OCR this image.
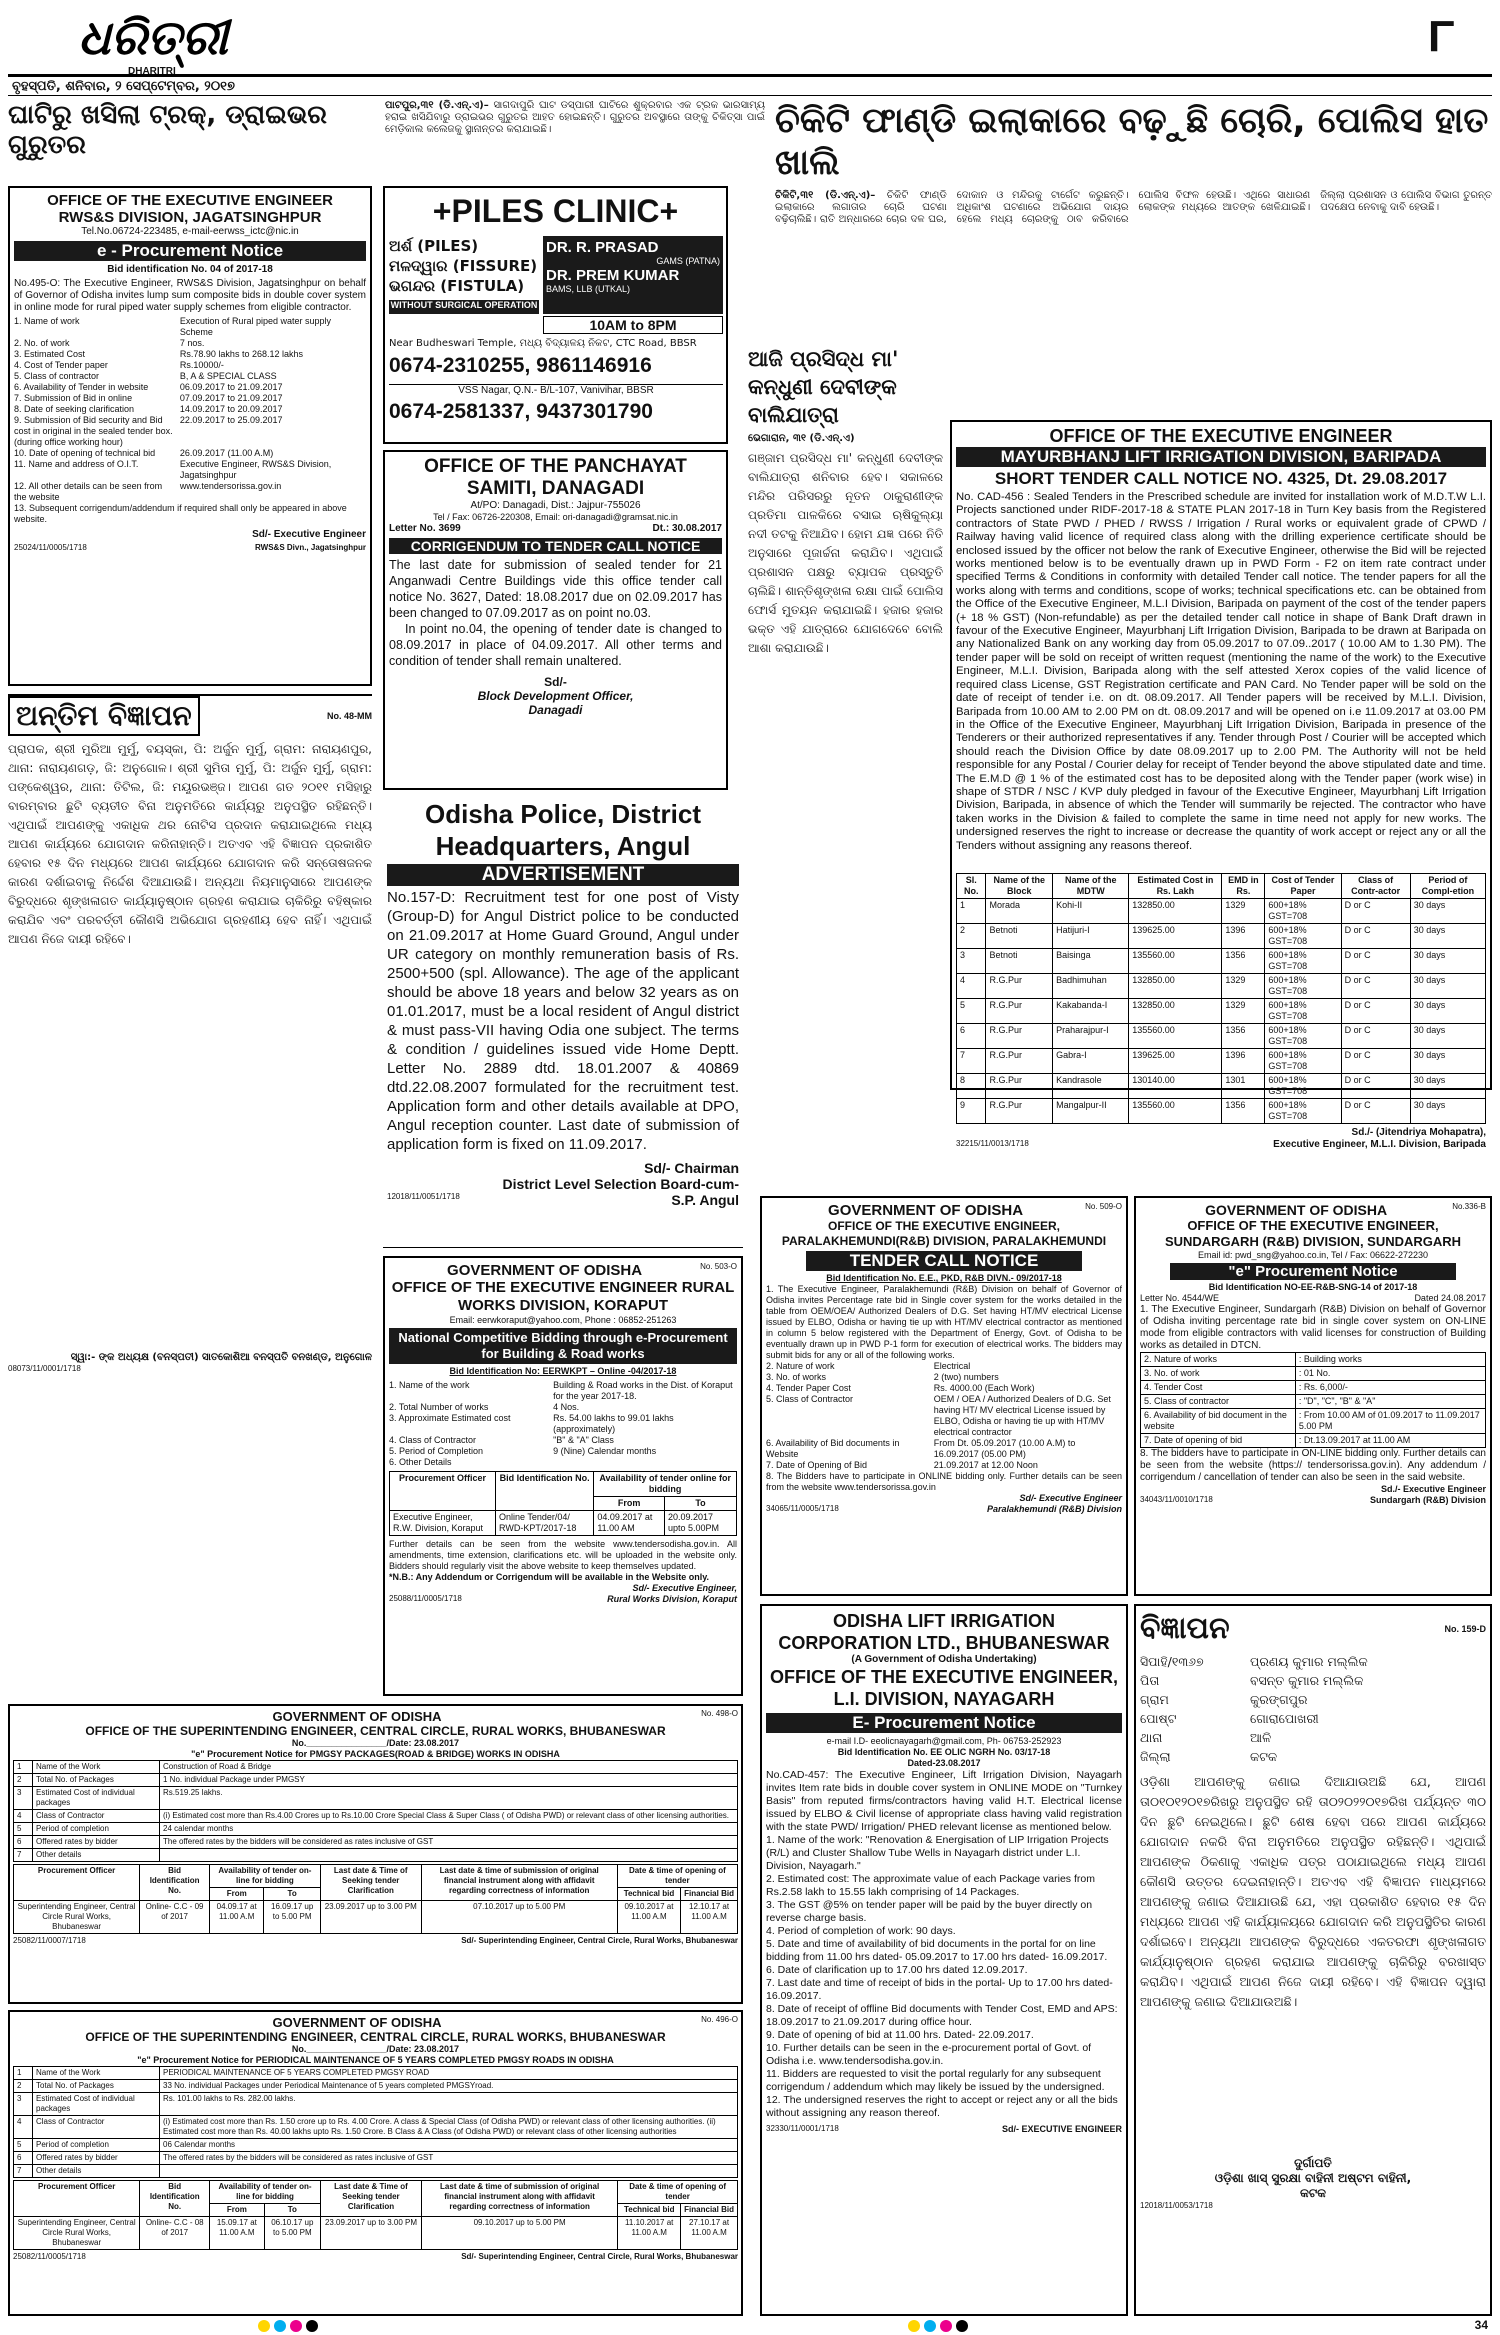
ଧରିତ୍ରୀ
DHARITRI
Γ
ବୃହସ୍ପତି, ଶନିବାର, ୨ ସେପ୍ଟେମ୍ବର, ୨୦୧୭
ଘାଟିରୁ ଖସିଲା ଟ୍ରକ୍, ଡ୍ରାଇଭର ଗୁରୁତର
ପାଟପୁର,୩୧ (ଡି.ଏନ୍.ଏ)– ସାଗଦାପୁରି ଘାଟ ଡସ୍ପାରୀ ଘାଟିରେ ଶୁକ୍ରବାର ଏକ ଟ୍ରକ ଭାରସାମ୍ୟ ହରାଇ ଖସିଯିବାରୁ ଡ୍ରାଇଭର ଗୁରୁତର ଆହତ ହୋଇଛନ୍ତି। ଗୁରୁତର ଅବସ୍ଥାରେ ତାଙ୍କୁ ଚିକିତ୍ସା ପାଇଁ ମେଡ଼ିକାଲ କଲେଜକୁ ସ୍ଥାନାନ୍ତର କରାଯାଇଛି।	ଚିକିଟି ଫାଣ୍ଡି ଇଲାକାରେ ବଢ଼ୁଛି ଚୋରି, ପୋଲିସ ହାତ ଖାଲି
ଚିକିଟି,୩୧ (ଡି.ଏନ୍.ଏ)– ଚିକିଟି ଫାଣ୍ଡି ଇଲାକାରେ ଲଗାତାର ଚୋରି ଘଟଣା ବଢ଼ିଚାଲିଛି। ରାତି ଅନ୍ଧାରରେ ଚୋର ଦଳ ଘର, ଦୋକାନ ଓ ମନ୍ଦିରକୁ ଟାର୍ଗେଟ କରୁଛନ୍ତି। ଅଧିକାଂଶ ଘଟଣାରେ ଅଭିଯୋଗ ଦାୟର ହେଲେ ମଧ୍ୟ ଚୋରଙ୍କୁ ଠାବ କରିବାରେ ପୋଲିସ ବିଫଳ ହେଉଛି। ଏଥିରେ ସାଧାରଣ ଲୋକଙ୍କ ମଧ୍ୟରେ ଆତଙ୍କ ଖେଳିଯାଇଛି। ଜିଲ୍ଲା ପ୍ରଶାସନ ଓ ପୋଲିସ ବିଭାଗ ତୁରନ୍ତ ପଦକ୍ଷେପ ନେବାକୁ ଦାବି ହେଉଛି।
OFFICE OF THE EXECUTIVE ENGINEER
RWS&S DIVISION, JAGATSINGHPUR
Tel.No.06724-223485, e-mail-eerwss_ictc@nic.in
e - Procurement Notice
Bid identification No. 04 of 2017-18
No.495-O: The Executive Engineer, RWS&S Division, Jagatsinghpur on behalf of Governor of Odisha invites lump sum composite bids in double cover system in online mode for rural piped water supply schemes from eligible contractor.
1. Name of work	Execution of Rural piped water supply Scheme
2. No. of work	7 nos.
3. Estimated Cost	Rs.78.90 lakhs to 268.12 lakhs
4. Cost of Tender paper	Rs.10000/-
5. Class of contractor	B, A & SPECIAL CLASS
6. Availability of Tender in website	06.09.2017 to 21.09.2017
7. Submission of Bid in online	07.09.2017 to 21.09.2017
8. Date of seeking clarification	14.09.2017 to 20.09.2017
9. Submission of Bid security and Bid cost in original in the sealed tender box. (during office working hour)
22.09.2017 to 25.09.2017
10. Date of opening of technical bid	26.09.2017 (11.00 A.M)
11. Name and address of O.I.T.	Executive Engineer, RWS&S Division, Jagatsinghpur
12. All other details can be seen from the website
www.tendersorissa.gov.in
13. Subsequent corrigendum/addendum if required shall only be appeared in above website.
Sd/- Executive Engineer
25024/11/0005/1718	RWS&S Divn., Jagatsinghpur
+PILES CLINIC+
ଅର୍ଶ (PILES)
ମଳଦ୍ୱାର (FISSURE)
ଭଗନ୍ଦର (FISTULA)
DR. R. PRASAD
GAMS (PATNA)
DR. PREM KUMAR
BAMS, LLB (UTKAL)
WITHOUT SURGICAL OPERATION
10AM to 8PM
Near Budheswari Temple, ମଧ୍ୟ ବିଦ୍ୟାଳୟ ନିକଟ, CTC Road, BBSR
0674-2310255, 9861146916
VSS Nagar, Q.N.- B/L-107, Vanivihar, BBSR
0674-2581337, 9437301790
OFFICE OF THE PANCHAYAT SAMITI, DANAGADI
At/PO: Danagadi, Dist.: Jajpur-755026
Tel / Fax: 06726-220308, Email: ori-danagadi@gramsat.nic.in
Letter No. 3699	Dt.: 30.08.2017
CORRIGENDUM TO TENDER CALL NOTICE
The last date for submission of sealed tender for 21 Anganwadi Centre Buildings vide this office tender call notice No. 3627, Dated: 18.08.2017 due on 02.09.2017 has been changed to 07.09.2017 as on point no.03.
In point no.04, the opening of tender date is changed to 08.09.2017 in place of 04.09.2017. All other terms and condition of tender shall remain unaltered.
Sd/-
Block Development Officer,
Danagadi
Odisha Police, District Headquarters, Angul
ADVERTISEMENT
No.157-D: Recruitment test for one post of Visty (Group-D) for Angul District police to be conducted on 21.09.2017 at Home Guard Ground, Angul under UR category on monthly remuneration basis of Rs. 2500+500 (spl. Allowance). The age of the applicant should be above 18 years and below 32 years as on 01.01.2017, must be a local resident of Angul district & must pass-VII having Odia one subject. The terms & condition / guidelines issued vide Home Deptt. Letter No. 2889 dtd. 18.01.2007 & 40869 dtd.22.08.2007 formulated for the recruitment test. Application form and other details available at DPO, Angul reception counter. Last date of submission of application form is fixed on 11.09.2017.
Sd/- Chairman
District Level Selection Board-cum-
12018/11/0051/1718	S.P. Angul
ଅନ୍ତିମ ବିଜ୍ଞାପନ	No. 48-MM
ପ୍ରାପକ, ଶ୍ରୀ ମୁରିଆ ମୁର୍ମୁ, ବୟସ୍କା, ପି: ଅର୍ଜୁନ ମୁର୍ମୁ, ଗ୍ରାମ: ନାରାୟଣପୁର, ଥାନା: ନାରାୟଣଗଡ଼, ଜି: ଅନୁଗୋଳ। ଶ୍ରୀ ସୁମିତା ମୁର୍ମୁ, ପି: ଅର୍ଜୁନ ମୁର୍ମୁ, ଗ୍ରାମ: ପଙ୍କେଶ୍ୱର, ଥାନା: ତିଟିଲ, ଜି: ମୟୂରଭଞ୍ଜ। ଆପଣ ଗତ ୨୦୧୧ ମସିହାରୁ ବାରମ୍ବାର ଛୁଟି ବ୍ୟତୀତ ବିନା ଅନୁମତିରେ କାର୍ଯ୍ୟରୁ ଅନୁପସ୍ଥିତ ରହିଛନ୍ତି। ଏଥିପାଇଁ ଆପଣଙ୍କୁ ଏକାଧିକ ଥର ନୋଟିସ ପ୍ରଦାନ କରାଯାଇଥିଲେ ମଧ୍ୟ ଆପଣ କାର୍ଯ୍ୟରେ ଯୋଗଦାନ କରିନାହାନ୍ତି। ଅତଏବ ଏହି ବିଜ୍ଞାପନ ପ୍ରକାଶିତ ହେବାର ୧୫ ଦିନ ମଧ୍ୟରେ ଆପଣ କାର୍ଯ୍ୟରେ ଯୋଗଦାନ କରି ସନ୍ତୋଷଜନକ କାରଣ ଦର୍ଶାଇବାକୁ ନିର୍ଦ୍ଦେଶ ଦିଆଯାଉଛି। ଅନ୍ୟଥା ନିୟମାନୁସାରେ ଆପଣଙ୍କ ବିରୁଦ୍ଧରେ ଶୃଙ୍ଖଳାଗତ କାର୍ଯ୍ୟାନୁଷ୍ଠାନ ଗ୍ରହଣ କରାଯାଇ ଚାକିରିରୁ ବହିଷ୍କାର କରାଯିବ ଏବଂ ପରବର୍ତ୍ତୀ କୌଣସି ଅଭିଯୋଗ ଗ୍ରହଣୀୟ ହେବ ନାହିଁ। ଏଥିପାଇଁ ଆପଣ ନିଜେ ଦାୟୀ ରହିବେ।
ସ୍ୱା:- ଙ୍କ ଅଧ୍ୟକ୍ଷ (ବନସ୍ପତୀ) ସାତକୋଶିଆ ବନସ୍ପତି ବନଖଣ୍ଡ, ଅନୁଗୋଳ
08073/11/0001/1718
ଆଜି ପ୍ରସିଦ୍ଧ ମା' କନ୍ଧୁଣୀ ଦେବୀଙ୍କ ବାଲିଯାତ୍ରା
ଭେଗାରାନ, ୩୧ (ଡି.ଏନ୍.ଏ)
ଗଞ୍ଜାମ ପ୍ରସିଦ୍ଧ ମା' କନ୍ଧୁଣୀ ଦେବୀଙ୍କ ବାଲିଯାତ୍ରା ଶନିବାର ହେବ। ସକାଳରେ ମନ୍ଦିର ପରିସରରୁ ନୂତନ ଠାକୁରାଣୀଙ୍କ ପ୍ରତିମା ପାଳକିରେ ବସାଇ ଋଷିକୁଲ୍ୟା ନଦୀ ତଟକୁ ନିଆଯିବ। ହୋମ ଯଜ୍ଞ ପରେ ନିତି ଅନୁସାରେ ପୂଜାର୍ଚ୍ଚନା କରାଯିବ। ଏଥିପାଇଁ ପ୍ରଶାସନ ପକ୍ଷରୁ ବ୍ୟାପକ ପ୍ରସ୍ତୁତି ଚାଲିଛି। ଶାନ୍ତିଶୃଙ୍ଖଳା ରକ୍ଷା ପାଇଁ ପୋଲିସ ଫୋର୍ସ ମୁତୟନ କରାଯାଇଛି। ହଜାର ହଜାର ଭକ୍ତ ଏହି ଯାତ୍ରାରେ ଯୋଗଦେବେ ବୋଲି ଆଶା କରାଯାଉଛି।
OFFICE OF THE EXECUTIVE ENGINEER
MAYURBHANJ LIFT IRRIGATION DIVISION, BARIPADA
SHORT TENDER CALL NOTICE NO. 4325, Dt. 29.08.2017
No. CAD-456 : Sealed Tenders in the Prescribed schedule are invited for installation work of M.D.T.W L.I. Projects sanctioned under RIDF-2017-18 & STATE PLAN 2017-18 in Turn Key basis from the Registered contractors of State PWD / PHED / RWSS / Irrigation / Rural works or equivalent grade of CPWD / Railway having valid licence of required class along with the drilling experience certificate should be enclosed issued by the officer not below the rank of Executive Engineer, otherwise the Bid will be rejected works mentioned below is to be eventually drawn up in PWD Form - F2 on item rate contract under specified Terms & Conditions in conformity with detailed Tender call notice. The tender papers for all the works along with terms and conditions, scope of works; technical specifications etc. can be obtained from the Office of the Executive Engineer, M.L.I Division, Baripada on payment of the cost of the tender papers (+ 18 % GST) (Non-refundable) as per the detailed tender call notice in shape of Bank Draft drawn in favour of the Executive Engineer, Mayurbhanj Lift Irrigation Division, Baripada to be drawn at Baripada on any Nationalized Bank on any working day from 05.09.2017 to 07.09..2017 ( 10.00 AM to 1.30 PM). The tender paper will be sold on receipt of written request (mentioning the name of the work) to the Executive Engineer, M.L.I. Division, Baripada along with the self attested Xerox copies of the valid licence of required class License, GST Registration certificate and PAN Card. No Tender paper will be sold on the date of receipt of tender i.e. on dt. 08.09.2017. All Tender papers will be received by M.L.I. Division, Baripada from 10.00 AM to 2.00 PM on dt. 08.09.2017 and will be opened on i.e 11.09.2017 at 03.00 PM in the Office of the Executive Engineer, Mayurbhanj Lift Irrigation Division, Baripada in presence of the Tenderers or their authorized representatives if any. Tender through Post / Courier will be accepted which should reach the Division Office by date 08.09.2017 up to 2.00 PM. The Authority will not be held responsible for any Postal / Courier delay for receipt of Tender beyond the above stipulated date and time. The E.M.D @ 1 % of the estimated cost has to be deposited along with the Tender paper (work wise) in shape of STDR / NSC / KVP duly pledged in favour of the Executive Engineer, Mayurbhanj Lift Irrigation Division, Baripada, in absence of which the Tender will summarily be rejected. The contractor who have taken works in the Division & failed to complete the same in time need not apply for new works. The undersigned reserves the right to increase or decrease the quantity of work accept or reject any or all the Tenders without assigning any reasons thereof.
Sl. No.	Name of the Block	Name of the MDTW	Estimated Cost in Rs. Lakh	EMD in Rs.	Cost of Tender Paper	Class of Contr-actor	Period of Compl-etion
1	Morada	Kohi-II	132850.00	1329	600+18% GST=708	D or C	30 days
2	Betnoti	Hatijuri-I	139625.00	1396	600+18% GST=708	D or C	30 days
3	Betnoti	Baisinga	135560.00	1356	600+18% GST=708	D or C	30 days
4	R.G.Pur	Badhimuhan	132850.00	1329	600+18% GST=708	D or C	30 days
5	R.G.Pur	Kakabanda-I	132850.00	1329	600+18% GST=708	D or C	30 days
6	R.G.Pur	Praharajpur-I	135560.00	1356	600+18% GST=708	D or C	30 days
7	R.G.Pur	Gabra-I	139625.00	1396	600+18% GST=708	D or C	30 days
8	R.G.Pur	Kandrasole	130140.00	1301	600+18% GST=708	D or C	30 days
9	R.G.Pur	Mangalpur-II	135560.00	1356	600+18% GST=708	D or C	30 days
Sd./- (Jitendriya Mohapatra),
32215/11/0013/1718	Executive Engineer, M.L.I. Division, Baripada
GOVERNMENT OF ODISHA	No. 503-O
OFFICE OF THE EXECUTIVE ENGINEER RURAL WORKS DIVISION, KORAPUT
Email: eerwkoraput@yahoo.com, Phone : 06852-251263
National Competitive Bidding through e-Procurement for Building & Road works
Bid Identification No: EERWKPT – Online -04/2017-18
1. Name of the work	Building & Road works in the Dist. of Koraput for the year 2017-18.
2. Total Number of works	4 Nos.
3. Approximate Estimated cost	Rs. 54.00 lakhs to 99.01 lakhs (approximately)
4. Class of Contractor	"B" & "A" Class
5. Period of Completion	9 (Nine) Calendar months
6. Other Details
Procurement Officer	Bid Identification No.	Availability of tender online for bidding	
		From	To
Executive Engineer, R.W. Division, Koraput	Online Tender/04/ RWD-KPT/2017-18	04.09.2017 at 11.00 AM	20.09.2017 upto 5.00PM
Further details can be seen from the website www.tendersodisha.gov.in. All amendments, time extension, clarifications etc. will be uploaded in the website only. Bidders should regularly visit the above website to keep themselves updated.
*N.B.: Any Addendum or Corrigendum will be available in the Website only.
Sd/- Executive Engineer,
25088/11/0005/1718	Rural Works Division, Koraput
GOVERNMENT OF ODISHA	No. 509-O
OFFICE OF THE EXECUTIVE ENGINEER, PARALAKHEMUNDI(R&B) DIVISION, PARALAKHEMUNDI
TENDER CALL NOTICE
Bid Identification No. E.E., PKD, R&B DIVN.- 09/2017-18
1. The Executive Engineer, Paralakhemundi (R&B) Division on behalf of Governor of Odisha invites Percentage rate bid in Single cover system for the works detailed in the table from OEM/OEA/ Authorized Dealers of D.G. Set having HT/MV electrical License issued by ELBO, Odisha or having tie up with HT/MV electrical contractor as mentioned in column 5 below registered with the Department of Energy, Govt. of Odisha to be eventually drawn up in PWD P-1 form for execution of electrical works. The bidders may submit bids for any or all of the following works.
2. Nature of work	Electrical
3. No. of works	2 (two) numbers
4. Tender Paper Cost	Rs. 4000.00 (Each Work)
5. Class of Contractor	OEM / OEA / Authorized Dealers of D.G. Set having HT/ MV electrical License issued by ELBO, Odisha or having tie up with HT/MV electrical contractor
6. Availability of Bid documents in Website
From Dt. 05.09.2017 (10.00 A.M) to 16.09.2017 (05.00 PM)
7. Date of Opening of Bid	21.09.2017 at 12.00 Noon
8. The Bidders have to participate in ONLINE bidding only. Further details can be seen from the website www.tendersorissa.gov.in
Sd/- Executive Engineer
34065/11/0005/1718	Paralakhemundi (R&B) Division
GOVERNMENT OF ODISHA	No.336-B
OFFICE OF THE EXECUTIVE ENGINEER, SUNDARGARH (R&B) DIVISION, SUNDARGARH
Email id: pwd_sng@yahoo.co.in, Tel / Fax: 06622-272230
"e" Procurement Notice
Bid Identification NO-EE-R&B-SNG-14 of 2017-18
Letter No. 4544/WE	Dated 24.08.2017
1. The Executive Engineer, Sundargarh (R&B) Division on behalf of Governor of Odisha inviting percentage rate bid in single cover system on ON-LINE mode from eligible contractors with valid licenses for construction of Building works as detailed in DTCN.
2. Nature of works	: Building works
3. No. of work	: 01 No.
4. Tender Cost	: Rs. 6,000/-
5. Class of contractor	: "D", "C", "B" & "A"
6. Availability of bid document in the website	: From 10.00 AM of 01.09.2017 to 11.09.2017 5.00 PM
7. Date of opening of bid	: Dt.13.09.2017 at 11.00 AM
8. The bidders have to participate in ON-LINE bidding only. Further details can be seen from the website (https:// tendersorissa.gov.in). Any addendum / corrigendum / cancellation of tender can also be seen in the said website.
Sd./- Executive Engineer
34043/11/0010/1718	Sundargarh (R&B) Division
ODISHA LIFT IRRIGATION CORPORATION LTD., BHUBANESWAR
(A Government of Odisha Undertaking)
OFFICE OF THE EXECUTIVE ENGINEER, L.I. DIVISION, NAYAGARH
E- Procurement Notice
e-mail I.D- eeolicnayagarh@gmail.com, Ph- 06753-252923
Bid Identification No. EE OLIC NGRH No. 03/17-18
Dated-23.08.2017
No.CAD-457: The Executive Engineer, Lift Irrigation Division, Nayagarh invites Item rate bids in double cover system in ONLINE MODE on "Turnkey Basis" from reputed firms/contractors having valid H.T. Electrical license issued by ELBO & Civil license of appropriate class having valid registration with the state PWD/ Irrigation/ PHED relevant license as mentioned below.
1. Name of the work: "Renovation & Energisation of LIP Irrigation Projects (R/L) and Cluster Shallow Tube Wells in Nayagarh district under L.I. Division, Nayagarh."
2. Estimated cost: The approximate value of each Package varies from Rs.2.58 lakh to 15.55 lakh comprising of 14 Packages.
3. The GST @5% on tender paper will be paid by the buyer directly on reverse charge basis.
4. Period of completion of work: 90 days.
5. Date and time of availability of bid documents in the portal for on line bidding from 11.00 hrs dated- 05.09.2017 to 17.00 hrs dated- 16.09.2017.
6. Date of clarification up to 17.00 hrs dated 12.09.2017.
7. Last date and time of receipt of bids in the portal- Up to 17.00 hrs dated- 16.09.2017.
8. Date of receipt of offline Bid documents with Tender Cost, EMD and APS: 18.09.2017 to 21.09.2017 during office hour.
9. Date of opening of bid at 11.00 hrs. Dated- 22.09.2017.
10. Further details can be seen in the e-procurement portal of Govt. of Odisha i.e. www.tendersodisha.gov.in.
11. Bidders are requested to visit the portal regularly for any subsequent corrigendum / addendum which may likely be issued by the undersigned.
12. The undersigned reserves the right to accept or reject any or all the bids without assigning any reason thereof.
32330/11/0001/1718	Sd/- EXECUTIVE ENGINEER
ବିଜ୍ଞାପନ	No. 159-D
ସିପାହି/୧୩୬୭	ପ୍ରଣୟ କୁମାର ମଲ୍ଲିକ
ପିତା	ବସନ୍ତ କୁମାର ମଲ୍ଲିକ
ଗ୍ରାମ	କୁରଙ୍ଗପୁର
ପୋଷ୍ଟ	ଗୋରାପୋଖରୀ
ଥାନା	ଆଳି
ଜିଲ୍ଲା	କଟକ
ଓଡ଼ିଶା ଆପଣଙ୍କୁ ଜଣାଇ ଦିଆଯାଉଅଛି ଯେ, ଆପଣ ତା୦୧୦୧୨୦୧୭ରିଖରୁ ଅନୁପସ୍ଥିତ ରହି ତା୦୨୦୨୨୦୧୭ରିଖ ପର୍ଯ୍ୟନ୍ତ ୩୦ ଦିନ ଛୁଟି ନେଇଥିଲେ। ଛୁଟି ଶେଷ ହେବା ପରେ ଆପଣ କାର୍ଯ୍ୟରେ ଯୋଗଦାନ ନକରି ବିନା ଅନୁମତିରେ ଅନୁପସ୍ଥିତ ରହିଛନ୍ତି। ଏଥିପାଇଁ ଆପଣଙ୍କ ଠିକଣାକୁ ଏକାଧିକ ପତ୍ର ପଠାଯାଇଥିଲେ ମଧ୍ୟ ଆପଣ କୌଣସି ଉତ୍ତର ଦେଇନାହାନ୍ତି। ଅତଏବ ଏହି ବିଜ୍ଞାପନ ମାଧ୍ୟମରେ ଆପଣଙ୍କୁ ଜଣାଇ ଦିଆଯାଉଛି ଯେ, ଏହା ପ୍ରକାଶିତ ହେବାର ୧୫ ଦିନ ମଧ୍ୟରେ ଆପଣ ଏହି କାର୍ଯ୍ୟାଳୟରେ ଯୋଗଦାନ କରି ଅନୁପସ୍ଥିତିର କାରଣ ଦର୍ଶାଇବେ। ଅନ୍ୟଥା ଆପଣଙ୍କ ବିରୁଦ୍ଧରେ ଏକତରଫା ଶୃଙ୍ଖଳାଗତ କାର୍ଯ୍ୟାନୁଷ୍ଠାନ ଗ୍ରହଣ କରାଯାଇ ଆପଣଙ୍କୁ ଚାକିରିରୁ ବରଖାସ୍ତ କରାଯିବ। ଏଥିପାଇଁ ଆପଣ ନିଜେ ଦାୟୀ ରହିବେ। ଏହି ବିଜ୍ଞାପନ ଦ୍ୱାରା ଆପଣଙ୍କୁ ଜଣାଇ ଦିଆଯାଉଅଛି।
ଦୁର୍ଗାପତି
ଓଡ଼ିଶା ଖାସ୍ ସୁରକ୍ଷା ବାହିନୀ ଅଷ୍ଟମ ବାହିନୀ,
କଟକ
12018/11/0053/1718
GOVERNMENT OF ODISHA	No. 498-O
OFFICE OF THE SUPERINTENDING ENGINEER, CENTRAL CIRCLE, RURAL WORKS, BHUBANESWAR
No.________________/Date: 23.08.2017
"e" Procurement Notice for PMGSY PACKAGES(ROAD & BRIDGE) WORKS IN ODISHA
1	Name of the Work	Construction of Road & Bridge
2	Total No. of Packages	1 No. individual Package under PMGSY
3	Estimated Cost of individual packages	Rs.519.25 lakhs.
4	Class of Contractor	(i) Estimated cost more than Rs.4.00 Crores up to Rs.10.00 Crore Special Class & Super Class ( of Odisha PWD) or relevant class of other licensing authorities.
5	Period of completion	24 calendar months
6	Offered rates by bidder	The offered rates by the bidders will be considered as rates inclusive of GST
7	Other details	
Procurement Officer	Bid Identification No.	Availability of tender on-line for bidding		Last date & Time of Seeking tender Clarification	Last date & time of submission of original financial instrument along with affidavit regarding correctness of information	Date & time of opening of tender	
		From	To			Technical bid	Financial Bid
Superintending Engineer, Central Circle Rural Works, Bhubaneswar	Online- C.C - 09 of 2017	04.09.17 at 11.00 A.M	16.09.17 up to 5.00 PM	23.09.2017 up to 3.00 PM	07.10.2017 up to 5.00 PM	09.10.2017 at 11.00 A.M	12.10.17 at 11.00 A.M
25082/11/0007/1718	Sd/- Superintending Engineer, Central Circle, Rural Works, Bhubaneswar
GOVERNMENT OF ODISHA	No. 496-O
OFFICE OF THE SUPERINTENDING ENGINEER, CENTRAL CIRCLE, RURAL WORKS, BHUBANESWAR
No.________________/Date: 23.08.2017
"e" Procurement Notice for PERIODICAL MAINTENANCE OF 5 YEARS COMPLETED PMGSY ROADS IN ODISHA
1	Name of the Work	PERIODICAL MAINTENANCE OF 5 YEARS COMPLETED PMGSY ROAD
2	Total No. of Packages	33 No. individual Packages under Periodical Maintenance of 5 years completed PMGSYroad.
3	Estimated Cost of individual packages	Rs. 101.00 lakhs to Rs. 282.00 lakhs.
4	Class of Contractor	(i) Estimated cost more than Rs. 1.50 crore up to Rs. 4.00 Crore. A class & Special Class (of Odisha PWD) or relevant class of other licensing authorities. (ii) Estimated cost more than Rs. 40.00 lakhs upto Rs. 1.50 Crore. B Class & A Class (of Odisha PWD) or relevant class of other licensing authorities
5	Period of completion	06 Calendar months
6	Offered rates by bidder	The offered rates by the bidders will be considered as rates inclusive of GST
7	Other details	
Procurement Officer	Bid Identification No.	Availability of tender on-line for bidding		Last date & Time of Seeking tender Clarification	Last date & time of submission of original financial instrument along with affidavit regarding correctness of information	Date & time of opening of tender	
		From	To			Technical bid	Financial Bid
Superintending Engineer, Central Circle Rural Works, Bhubaneswar	Online- C.C - 08 of 2017	15.09.17 at 11.00 A.M	06.10.17 up to 5.00 PM	23.09.2017 up to 3.00 PM	09.10.2017 up to 5.00 PM	11.10.2017 at 11.00 A.M	27.10.17 at 11.00 A.M
25082/11/0005/1718	Sd/- Superintending Engineer, Central Circle, Rural Works, Bhubaneswar
34
